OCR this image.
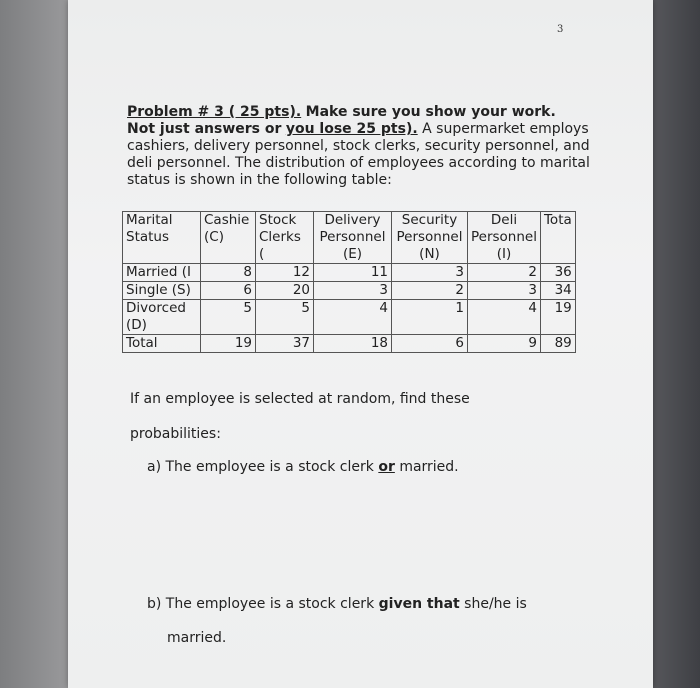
3
Problem # 3 ( 25 pts). Make sure you show your work.
Not just answers or you lose 25 pts). A supermarket employs cashiers, delivery personnel, stock clerks, security personnel, and deli personnel. The distribution of employees according to marital status is shown in the following table:
Marital Status	Cashie (C)	Stock Clerks (	Delivery Personnel (E)	Security Personnel (N)	Deli Personnel (I)	Tota
Married (I	8	12	11	3	2	36
Single (S)	6	20	3	2	3	34
Divorced (D)	5	5	4	1	4	19
Total	19	37	18	6	9	89
If an employee is selected at random, find these
probabilities:
a) The employee is a stock clerk or married.
b) The employee is a stock clerk given that she/he is
married.
